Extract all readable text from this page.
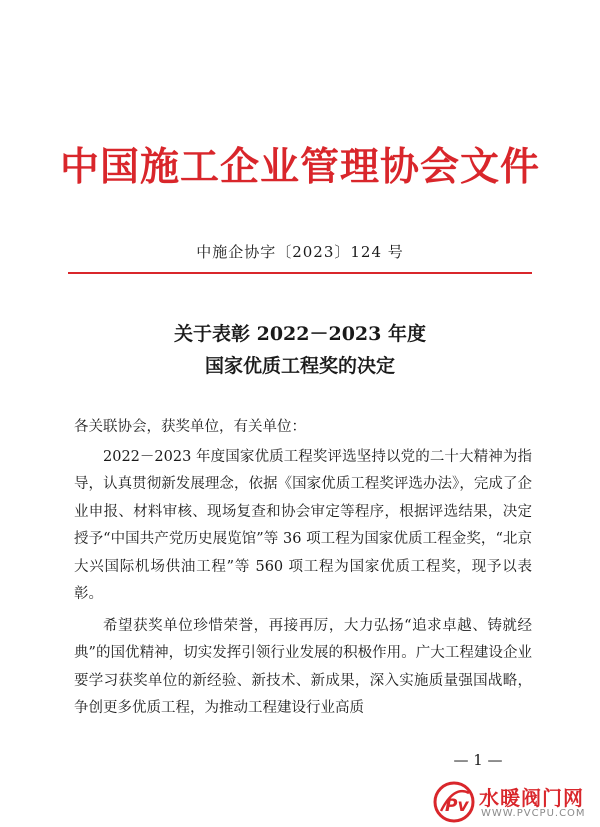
中国施工企业管理协会文件
中施企协字〔2023〕124 号
关于表彰 2022－2023 年度
国家优质工程奖的决定

各关联协会，获奖单位，有关单位：

2022－2023 年度国家优质工程奖评选坚持以党的二十大精神为指导，认真贯彻新发展理念，依据《国家优质工程奖评选办法》，完成了企业申报、材料审核、现场复查和协会审定等程序，根据评选结果，决定授予“中国共产党历史展览馆”等 36 项工程为国家优质工程金奖，“北京大兴国际机场供油工程”等 560 项工程为国家优质工程奖，现予以表彰。

希望获奖单位珍惜荣誉，再接再厉，大力弘扬“追求卓越、铸就经典”的国优精神，切实发挥引领行业发展的积极作用。广大工程建设企业要学习获奖单位的新经验、新技术、新成果，深入实施质量强国战略，争创更多优质工程，为推动工程建设行业高质

— 1 —
Pv 水暖阀门网
WWW.PVCPU.COM
